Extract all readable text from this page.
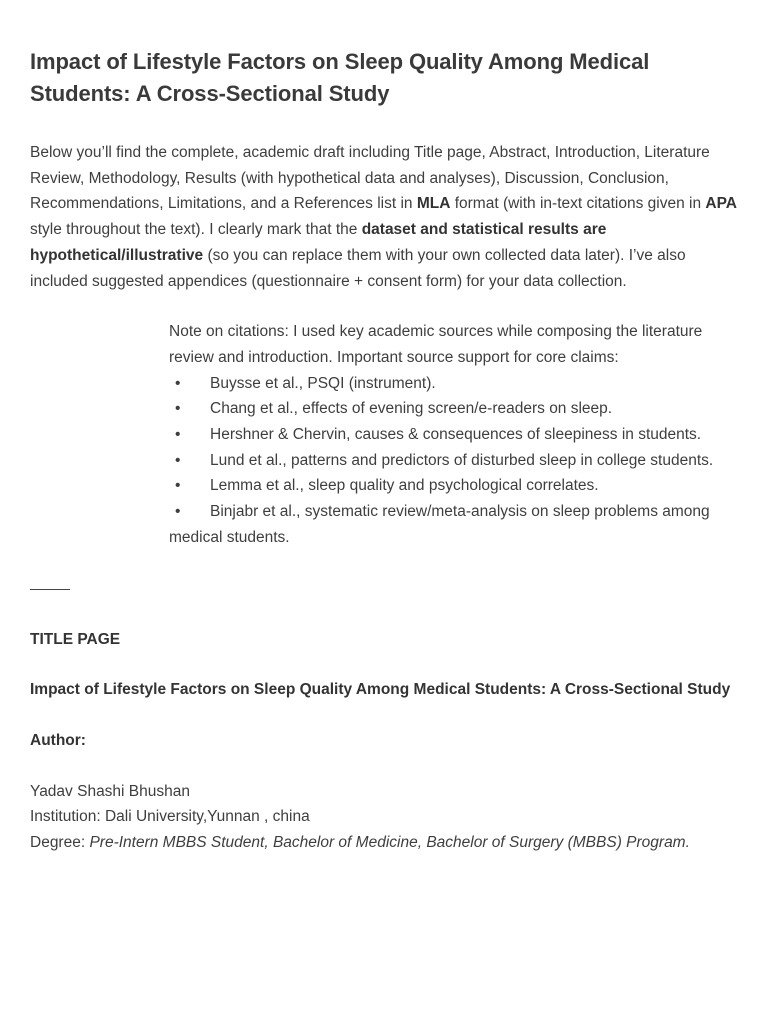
Impact of Lifestyle Factors on Sleep Quality Among Medical Students: A Cross-Sectional Study

Below you’ll find the complete, academic draft including Title page, Abstract, Introduction, Literature Review, Methodology, Results (with hypothetical data and analyses), Discussion, Conclusion, Recommendations, Limitations, and a References list in MLA format (with in-text citations given in APA style throughout the text). I clearly mark that the dataset and statistical results are hypothetical/illustrative (so you can replace them with your own collected data later). I’ve also included suggested appendices (questionnaire + consent form) for your data collection.

Note on citations: I used key academic sources while composing the literature review and introduction. Important source support for core claims:

• Buysse et al., PSQI (instrument).
• Chang et al., effects of evening screen/e-readers on sleep.
• Hershner & Chervin, causes & consequences of sleepiness in students.
• Lund et al., patterns and predictors of disturbed sleep in college students.
• Lemma et al., sleep quality and psychological correlates.
• Binjabr et al., systematic review/meta-analysis on sleep problems among medical students.

TITLE PAGE

Impact of Lifestyle Factors on Sleep Quality Among Medical Students: A Cross-Sectional Study

Author:

Yadav Shashi Bhushan

Institution: Dali University,Yunnan , china

Degree: Pre-Intern MBBS Student, Bachelor of Medicine, Bachelor of Surgery (MBBS) Program.
